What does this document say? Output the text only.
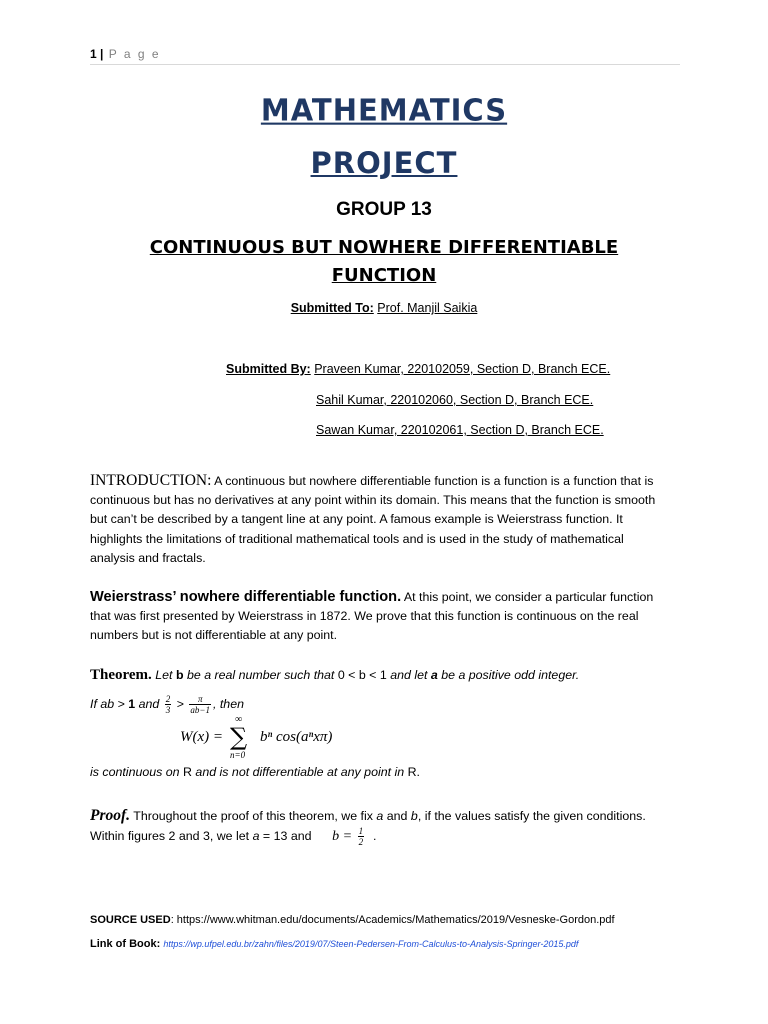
1 | P a g e
MATHEMATICS
PROJECT
GROUP 13
CONTINUOUS BUT NOWHERE DIFFERENTIABLE
FUNCTION
Submitted To: Prof. Manjil Saikia
Submitted By: Praveen Kumar, 220102059, Section D, Branch ECE.
Sahil Kumar, 220102060, Section D, Branch ECE.
Sawan Kumar, 220102061, Section D, Branch ECE.
INTRODUCTION: A continuous but nowhere differentiable function is a function is a function that is continuous but has no derivatives at any point within its domain. This means that the function is smooth but can’t be described by a tangent line at any point. A famous example is Weierstrass function. It highlights the limitations of traditional mathematical tools and is used in the study of mathematical analysis and fractals.
Weierstrass’ nowhere differentiable function. At this point, we consider a particular function that was first presented by Weierstrass in 1872. We prove that this function is continuous on the real numbers but is not differentiable at any point.
Theorem. Let b be a real number such that 0 < b < 1 and let a be a positive odd integer.
If ab > 1 and $\frac{2}{3} > \frac{\pi}{ab-1}$ , then
W(x) =
∞
∑
n=0
bⁿ cos(aⁿxπ)
is continuous on R and is not differentiable at any point in R.
Proof. Throughout the proof of this theorem, we fix a and b, if the values satisfy the given conditions. Within figures 2 and 3, we let a = 13 and $b = \frac{1}{2}$ .
SOURCE USED: https://www.whitman.edu/documents/Academics/Mathematics/2019/Vesneske-Gordon.pdf
Link of Book: https://wp.ufpel.edu.br/zahn/files/2019/07/Steen-Pedersen-From-Calculus-to-Analysis-Springer-2015.pdf
